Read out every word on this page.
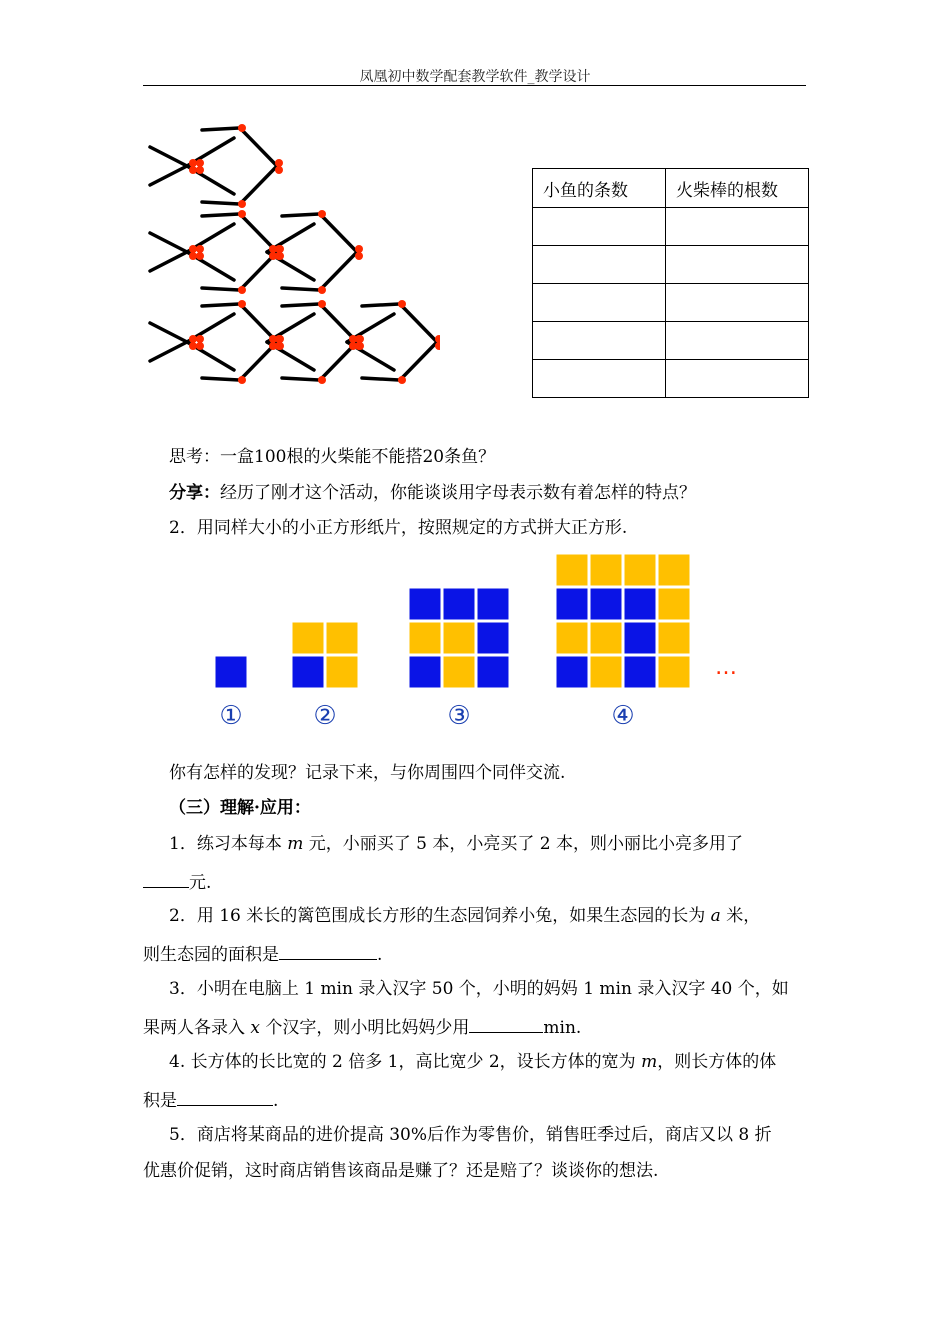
凤凰初中数学配套教学软件_教学设计
小鱼的条数	火柴棒的根数

思考：一盒100根的火柴能不能搭20条鱼？
分享：经历了刚才这个活动，你能谈谈用字母表示数有着怎样的特点？
2．用同样大小的小正方形纸片，按照规定的方式拼大正方形.
①	②	③	④
…
你有怎样的发现？记录下来，与你周围四个同伴交流.
（三）理解·应用：
1．练习本每本 m 元，小丽买了 5 本，小亮买了 2 本，则小丽比小亮多用了
元.
2．用 16 米长的篱笆围成长方形的生态园饲养小兔，如果生态园的长为 a 米，
则生态园的面积是	.
3．小明在电脑上 1 min 录入汉字 50 个，小明的妈妈 1 min 录入汉字 40 个，如
果两人各录入 x 个汉字，则小明比妈妈少用	min.
4. 长方体的长比宽的 2 倍多 1，高比宽少 2，设长方体的宽为 m，则长方体的体
积是	.
5．商店将某商品的进价提高 30%后作为零售价，销售旺季过后，商店又以 8 折
优惠价促销，这时商店销售该商品是赚了？还是赔了？谈谈你的想法.
